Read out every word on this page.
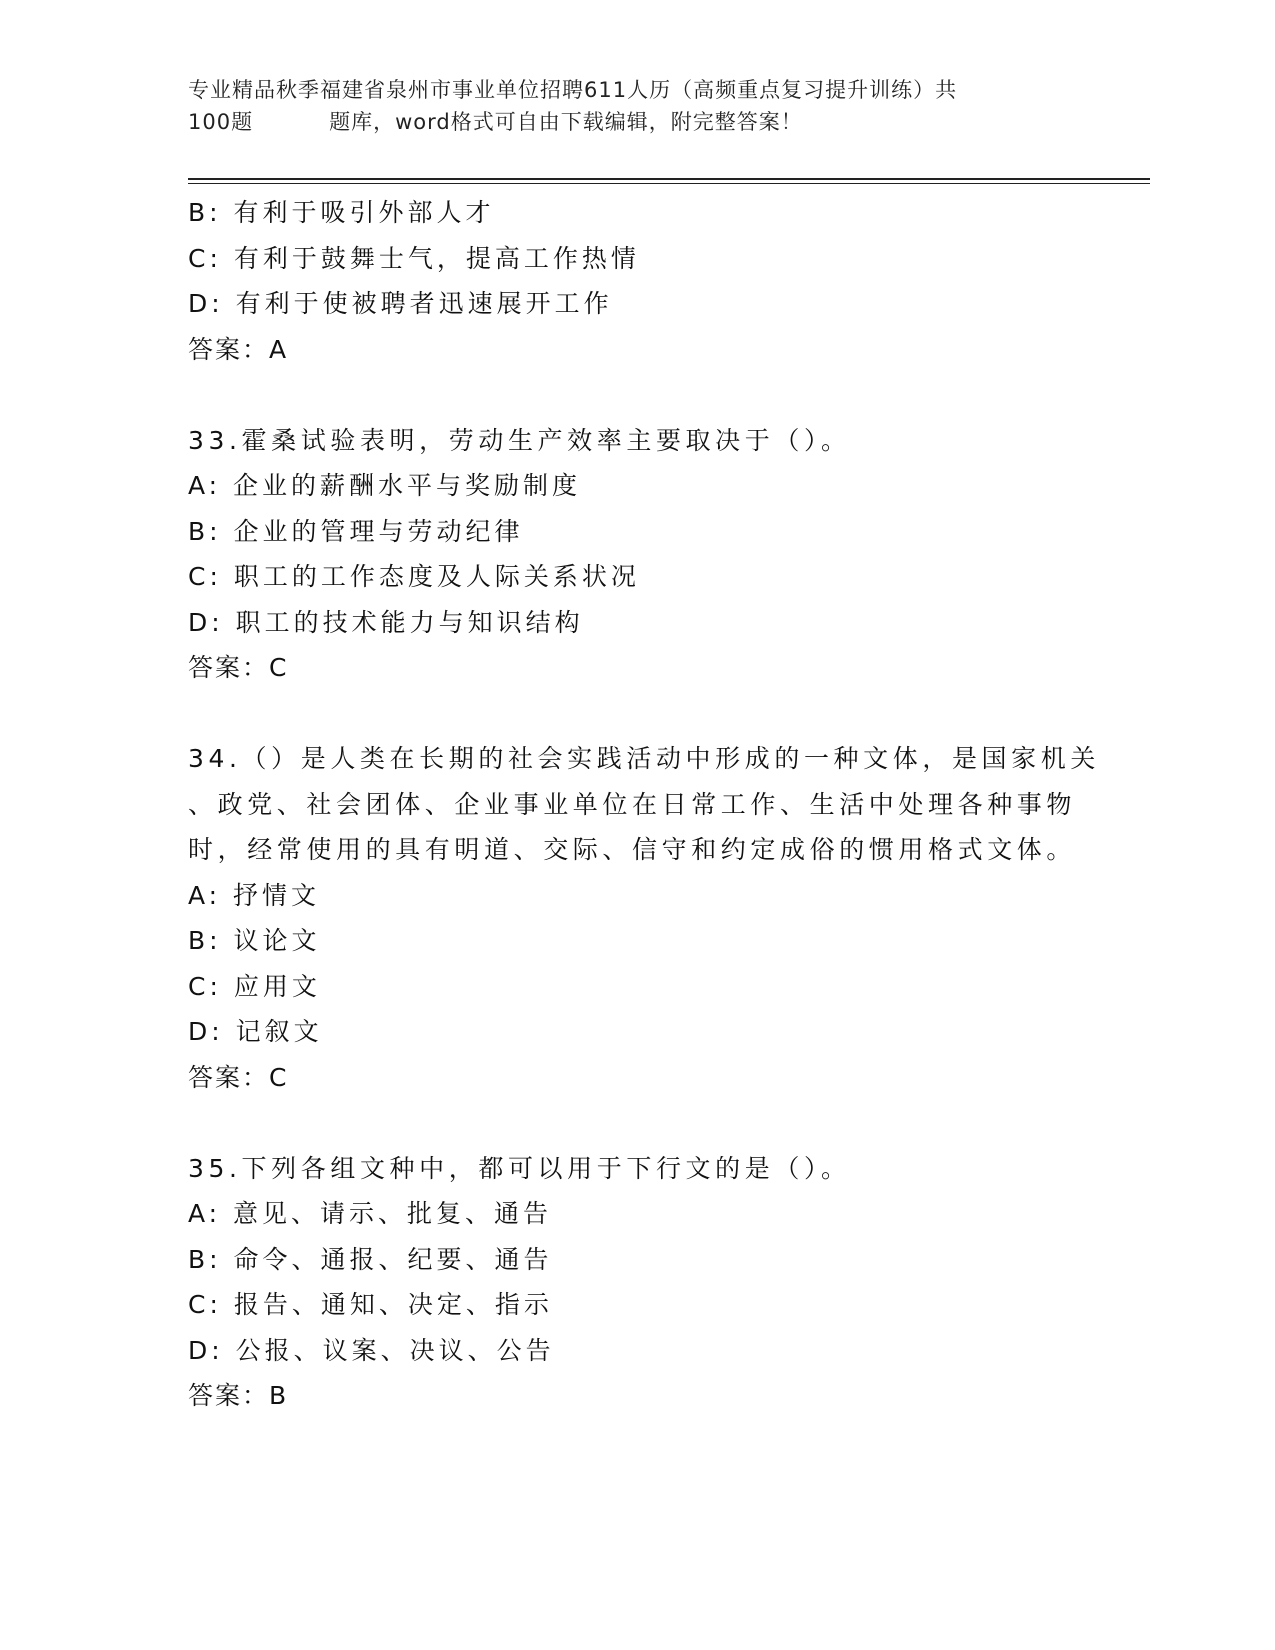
专业精品秋季福建省泉州市事业单位招聘611人历（高频重点复习提升训练）共
100题	题库，word格式可自由下载编辑，附完整答案！
B: 有利于吸引外部人才
C: 有利于鼓舞士气，提高工作热情
D: 有利于使被聘者迅速展开工作
答案：A
33.霍桑试验表明，劳动生产效率主要取决于（）。
A: 企业的薪酬水平与奖励制度
B: 企业的管理与劳动纪律
C: 职工的工作态度及人际关系状况
D: 职工的技术能力与知识结构
答案：C
34.（）是人类在长期的社会实践活动中形成的一种文体，是国家机关
、政党、社会团体、企业事业单位在日常工作、生活中处理各种事物
时，经常使用的具有明道、交际、信守和约定成俗的惯用格式文体。
A: 抒情文
B: 议论文
C: 应用文
D: 记叙文
答案：C
35.下列各组文种中，都可以用于下行文的是（）。
A: 意见、请示、批复、通告
B: 命令、通报、纪要、通告
C: 报告、通知、决定、指示
D: 公报、议案、决议、公告
答案：B
